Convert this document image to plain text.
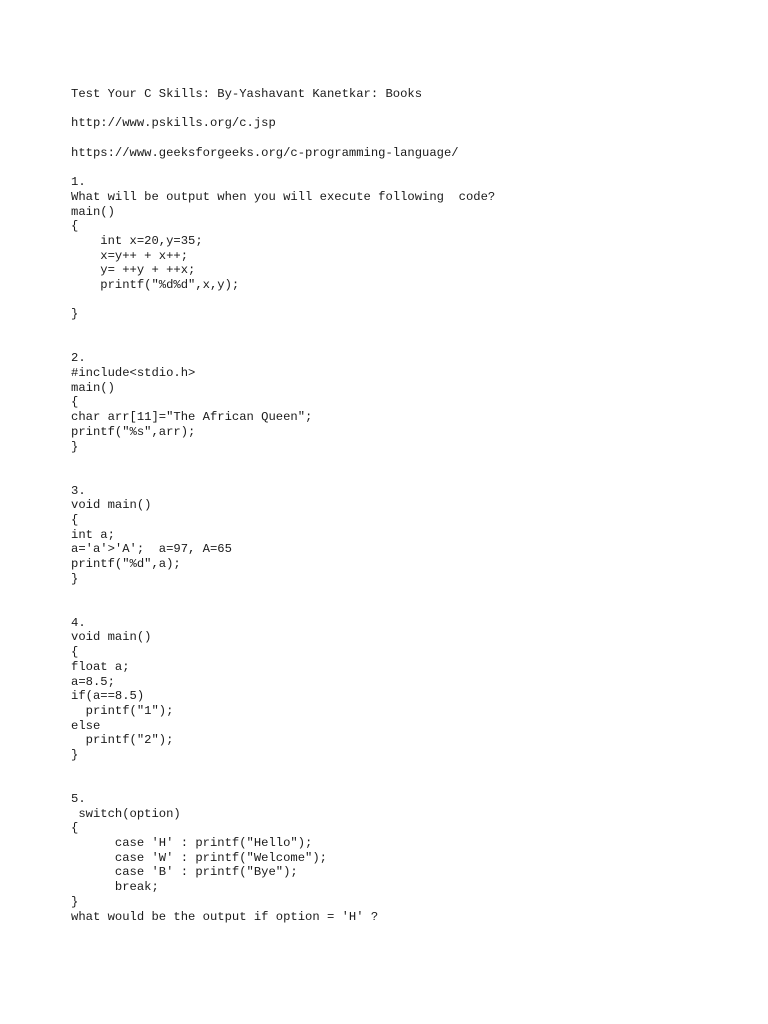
Test Your C Skills: By-Yashavant Kanetkar: Books
http://www.pskills.org/c.jsp
https://www.geeksforgeeks.org/c-programming-language/
1.
What will be output when you will execute following  code?
main()
{
int x=20,y=35;
x=y++ + x++;
y= ++y + ++x;
printf("%d%d",x,y);
}
2.
#include<stdio.h>
main()
{
char arr[11]="The African Queen";
printf("%s",arr);
}
3.
void main()
{
int a;
a='a'>'A';  a=97, A=65
printf("%d",a);
}
4.
void main()
{
float a;
a=8.5;
if(a==8.5)
printf("1");
else
printf("2");
}
5.
switch(option)
{
case 'H' : printf("Hello");
case 'W' : printf("Welcome");
case 'B' : printf("Bye");
break;
}
what would be the output if option = 'H' ?
